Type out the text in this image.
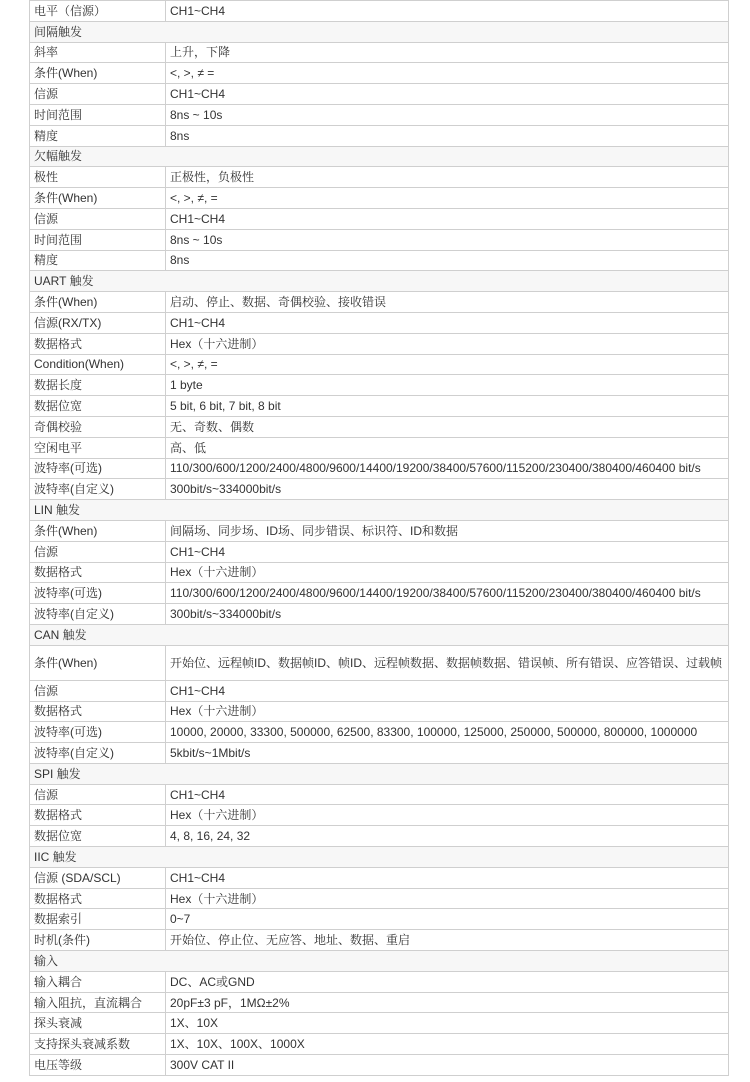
电平（信源）	CH1~CH4
间隔触发	
斜率	上升，下降
条件(When)	<, >, ≠ =
信源	CH1~CH4
时间范围	8ns ~ 10s
精度	8ns
欠幅触发	
极性	正极性，负极性
条件(When)	<, >, ≠, =
信源	CH1~CH4
时间范围	8ns ~ 10s
精度	8ns
UART 触发	
条件(When)	启动、停止、数据、奇偶校验、接收错误
信源(RX/TX)	CH1~CH4
数据格式	Hex（十六进制）
Condition(When)	<, >, ≠, =
数据长度	1 byte
数据位宽	5 bit, 6 bit, 7 bit, 8 bit
奇偶校验	无、奇数、偶数
空闲电平	高、低
波特率(可选)	110/300/600/1200/2400/4800/9600/14400/19200/38400/57600/115200/230400/380400/460400 bit/s
波特率(自定义)	300bit/s~334000bit/s
LIN 触发	
条件(When)	间隔场、同步场、ID场、同步错误、标识符、ID和数据
信源	CH1~CH4
数据格式	Hex（十六进制）
波特率(可选)	110/300/600/1200/2400/4800/9600/14400/19200/38400/57600/115200/230400/380400/460400 bit/s
波特率(自定义)	300bit/s~334000bit/s
CAN 触发	
条件(When)	开始位、远程帧ID、数据帧ID、帧ID、远程帧数据、数据帧数据、错误帧、所有错误、应答错误、过载帧
信源	CH1~CH4
数据格式	Hex（十六进制）
波特率(可选)	10000, 20000, 33300, 500000, 62500, 83300, 100000, 125000, 250000, 500000, 800000, 1000000
波特率(自定义)	5kbit/s~1Mbit/s
SPI 触发	
信源	CH1~CH4
数据格式	Hex（十六进制）
数据位宽	4, 8, 16, 24, 32
IIC 触发	
信源 (SDA/SCL)	CH1~CH4
数据格式	Hex（十六进制）
数据索引	0~7
时机(条件)	开始位、停止位、无应答、地址、数据、重启
输入	
输入耦合	DC、AC或GND
输入阻抗，直流耦合	20pF±3 pF，1MΩ±2%
探头衰减	1X、10X
支持探头衰减系数	1X、10X、100X、1000X
电压等级	300V CAT II
